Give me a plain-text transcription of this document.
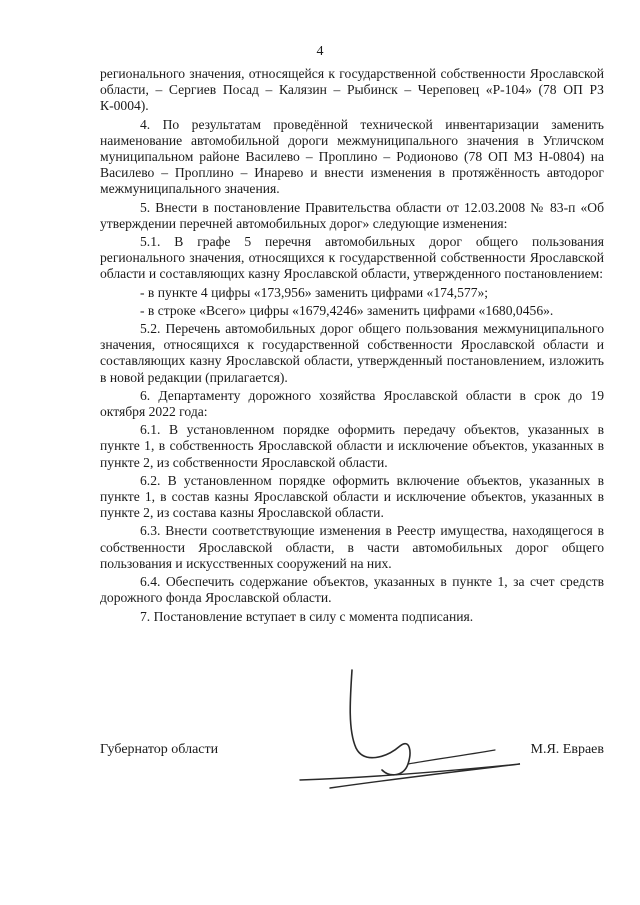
4

регионального значения, относящейся к государственной собственности Ярославской области, – Сергиев Посад – Калязин – Рыбинск – Череповец «Р-104» (78 ОП РЗ К-0004).

4. По результатам проведённой технической инвентаризации заменить наименование автомобильной дороги межмуниципального значения в Угличском муниципальном районе Василево – Проплино – Родионово (78 ОП МЗ Н-0804) на Василево – Проплино – Инарево и внести изменения в протяжённость автодорог межмуниципального значения.

5. Внести в постановление Правительства области от 12.03.2008 № 83-п «Об утверждении перечней автомобильных дорог» следующие изменения:

5.1. В графе 5 перечня автомобильных дорог общего пользования регионального значения, относящихся к государственной собственности Ярославской области и составляющих казну Ярославской области, утвержденного постановлением:

- в пункте 4 цифры «173,956» заменить цифрами «174,577»;

- в строке «Всего» цифры «1679,4246» заменить цифрами «1680,0456».

5.2. Перечень автомобильных дорог общего пользования межмуниципального значения, относящихся к государственной собственности Ярославской области и составляющих казну Ярославской области, утвержденный постановлением, изложить в новой редакции (прилагается).

6. Департаменту дорожного хозяйства Ярославской области в срок до 19 октября 2022 года:

6.1. В установленном порядке оформить передачу объектов, указанных в пункте 1, в собственность Ярославской области и исключение объектов, указанных в пункте 2, из собственности Ярославской области.

6.2. В установленном порядке оформить включение объектов, указанных в пункте 1, в состав казны Ярославской области и исключение объектов, указанных в пункте 2, из состава казны Ярославской области.

6.3. Внести соответствующие изменения в Реестр имущества, находящегося в собственности Ярославской области, в части автомобильных дорог общего пользования и искусственных сооружений на них.

6.4. Обеспечить содержание объектов, указанных в пункте 1, за счет средств дорожного фонда Ярославской области.

7. Постановление вступает в силу с момента подписания.

Губернатор области	М.Я. Евраев
